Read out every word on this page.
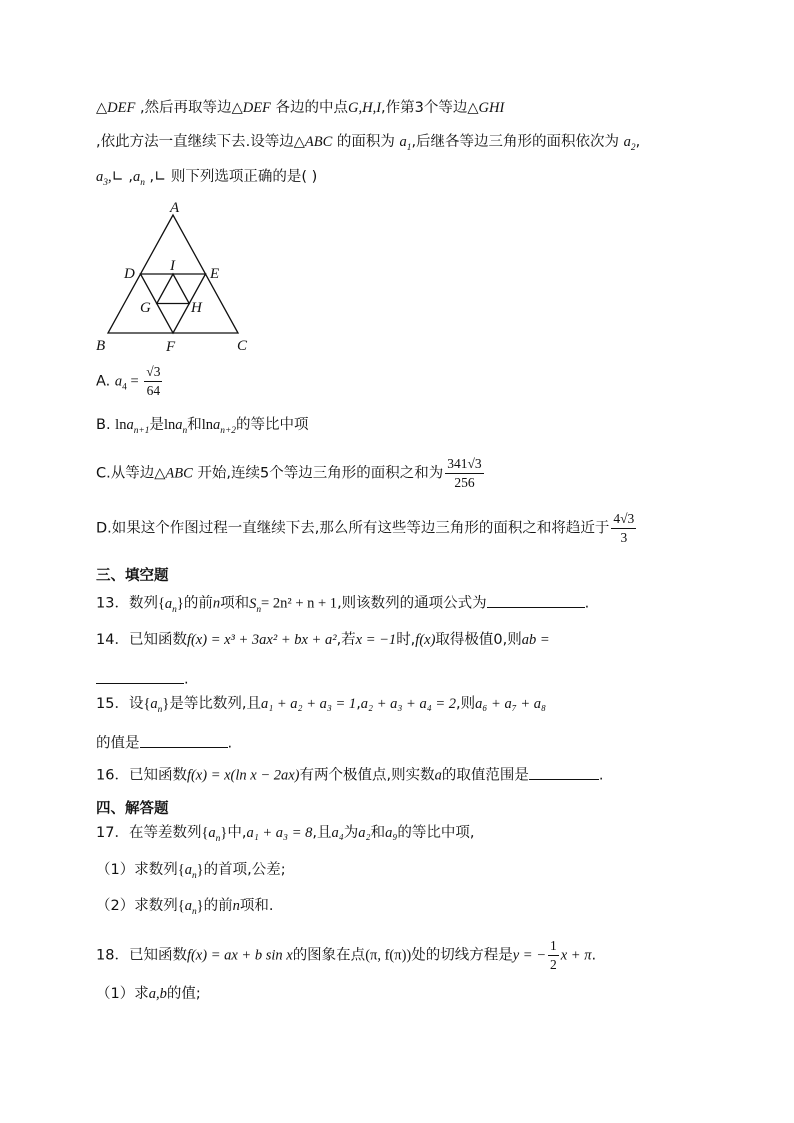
△DEF ,然后再取等边△DEF 各边的中点G,H,I,作第3个等边△GHI
,依此方法一直继续下去.设等边△ABC 的面积为 $a_1$,后继各等边三角形的面积依次为 $a_2$,
$a_3,∟$ $,a_n$ ,∟ 则下列选项正确的是( )
A
B	C
D	E
F
G	H
I
A. $a_4 = \frac{√3}{64}$
B. lna$_{n+1}$是lna$_n$和lna$_{n+2}$的等比中项
C.从等边△ABC 开始,连续5个等边三角形的面积之和为 $\frac{341√3}{256}$
D.如果这个作图过程一直继续下去,那么所有这些等边三角形的面积之和将趋近于 $\frac{4√3}{3}$
三、填空题
13．数列$\{a_n\}$的前n项和$S_n= 2n^2 + n + 1$,则该数列的通项公式为	.
14．已知函数f(x) = x³ + 3ax² + bx + a²,若x = −1时,f(x)取得极值0,则ab =
.
15．设$\{a_n\}$是等比数列,且a₁ + a₂ + a₃ = 1,a₂ + a₃ + a₄ = 2,则a₆ + a₇ + a₈
的值是	.
16．已知函数f(x) = x(ln x − 2ax)有两个极值点,则实数a的取值范围是	.
四、解答题
17．在等差数列$\{a_n\}$中,a₁ + a₃ = 8,且a₄为a₂和a₉的等比中项,
（1）求数列$\{a_n\}$的首项,公差;
（2）求数列$\{a_n\}$的前n项和.
18．已知函数f(x) = ax + b sin x的图象在点(π, f(π))处的切线方程是y = − $\frac{1}{2}$ x + π.
（1）求a,b的值;
